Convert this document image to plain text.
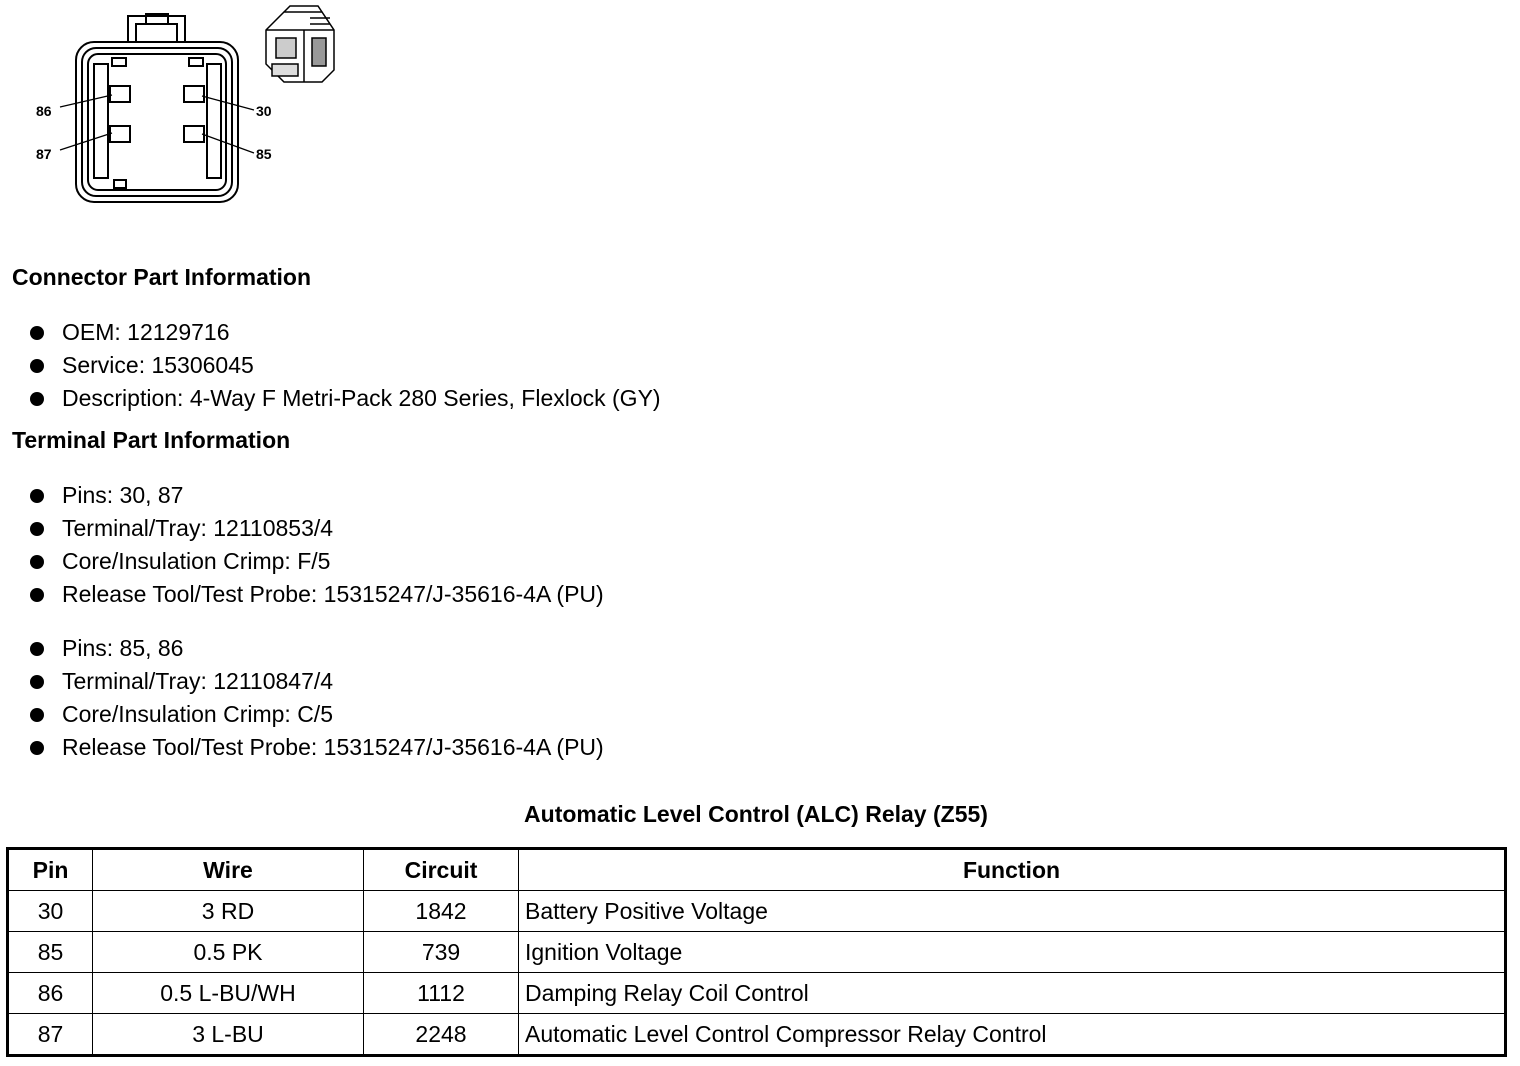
86
87
30
85
Connector Part Information
OEM: 12129716
Service: 15306045
Description: 4-Way F Metri-Pack 280 Series, Flexlock (GY)
Terminal Part Information
Pins: 30, 87
Terminal/Tray: 12110853/4
Core/Insulation Crimp: F/5
Release Tool/Test Probe: 15315247/J-35616-4A (PU)
Pins: 85, 86
Terminal/Tray: 12110847/4
Core/Insulation Crimp: C/5
Release Tool/Test Probe: 15315247/J-35616-4A (PU)
Automatic Level Control (ALC) Relay (Z55)
Pin	Wire	Circuit	Function
30	3 RD	1842	Battery Positive Voltage
85	0.5 PK	739	Ignition Voltage
86	0.5 L-BU/WH	1112	Damping Relay Coil Control
87	3 L-BU	2248	Automatic Level Control Compressor Relay Control
